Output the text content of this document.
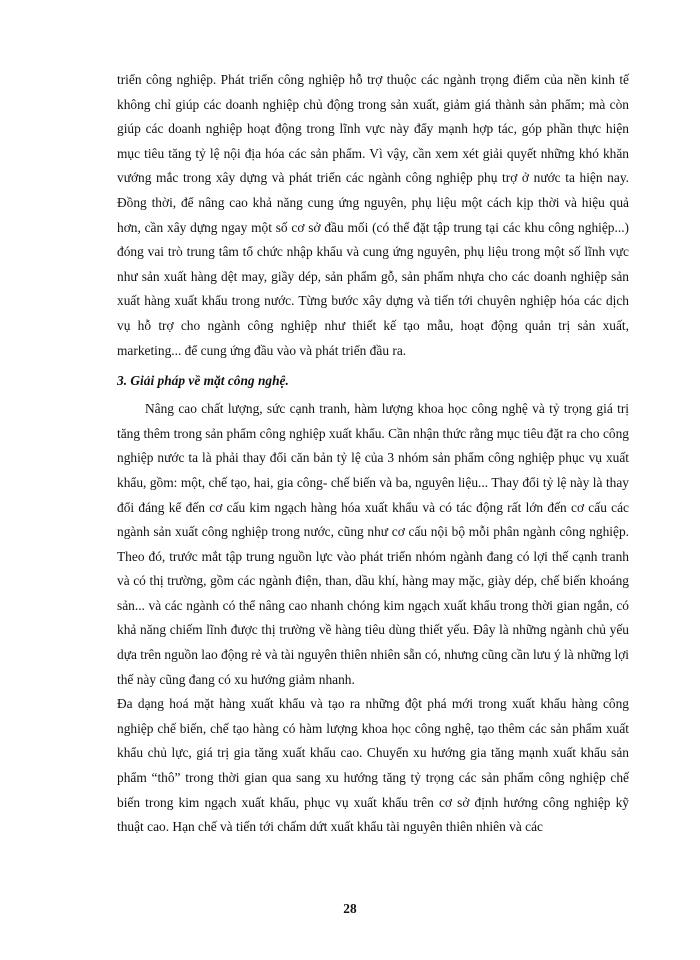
triển công nghiệp. Phát triển công nghiệp hỗ trợ thuộc các ngành trọng điểm của nền kinh tế không chỉ giúp các doanh nghiệp chủ động trong sản xuất, giảm giá thành sản phẩm; mà còn giúp các doanh nghiệp hoạt động trong lĩnh vực này đẩy mạnh hợp tác, góp phần thực hiện mục tiêu tăng tỷ lệ nội địa hóa các sản phẩm. Vì vậy, cần xem xét giải quyết những khó khăn vướng mắc trong xây dựng và phát triển các ngành công nghiệp phụ trợ ở nước ta hiện nay. Đồng thời, để nâng cao khả năng cung ứng nguyên, phụ liệu một cách kịp thời và hiệu quả hơn, cần xây dựng ngay một số cơ sở đầu mối (có thể đặt tập trung tại các khu công nghiệp...) đóng vai trò trung tâm tổ chức nhập khẩu và cung ứng nguyên, phụ liệu trong một số lĩnh vực như sản xuất hàng dệt may, giầy dép, sản phẩm gỗ, sản phẩm nhựa cho các doanh nghiệp sản xuất hàng xuất khẩu trong nước. Từng bước xây dựng và tiến tới chuyên nghiệp hóa các dịch vụ hỗ trợ cho ngành công nghiệp như thiết kế tạo mẫu, hoạt động quản trị sản xuất, marketing... để cung ứng đầu vào và phát triển đầu ra.

3. Giải pháp về mặt công nghệ.

Nâng cao chất lượng, sức cạnh tranh, hàm lượng khoa học công nghệ và tỷ trọng giá trị tăng thêm trong sản phẩm công nghiệp xuất khẩu. Cần nhận thức rằng mục tiêu đặt ra cho công nghiệp nước ta là phải thay đổi căn bản tỷ lệ của 3 nhóm sản phẩm công nghiệp phục vụ xuất khẩu, gồm: một, chế tạo, hai, gia công- chế biến và ba, nguyên liệu... Thay đổi tỷ lệ này là thay đổi đáng kể đến cơ cấu kim ngạch hàng hóa xuất khẩu và có tác động rất lớn đến cơ cấu các ngành sản xuất công nghiệp trong nước, cũng như cơ cấu nội bộ mỗi phân ngành công nghiệp. Theo đó, trước mắt tập trung nguồn lực vào phát triển nhóm ngành đang có lợi thế cạnh tranh và có thị trường, gồm các ngành điện, than, dầu khí, hàng may mặc, giày dép, chế biến khoáng sản... và các ngành có thể nâng cao nhanh chóng kim ngạch xuất khẩu trong thời gian ngắn, có khả năng chiếm lĩnh được thị trường về hàng tiêu dùng thiết yếu. Đây là những ngành chủ yếu dựa trên nguồn lao động rẻ và tài nguyên thiên nhiên sẵn có, nhưng cũng cần lưu ý là những lợi thế này cũng đang có xu hướng giảm nhanh.

Đa dạng hoá mặt hàng xuất khẩu và tạo ra những đột phá mới trong xuất khẩu hàng công nghiệp chế biến, chế tạo hàng có hàm lượng khoa học công nghệ, tạo thêm các sản phẩm xuất khẩu chủ lực, giá trị gia tăng xuất khẩu cao. Chuyển xu hướng gia tăng mạnh xuất khẩu sản phẩm “thô” trong thời gian qua sang xu hướng tăng tỷ trọng các sản phẩm công nghiệp chế biến trong kim ngạch xuất khẩu, phục vụ xuất khẩu trên cơ sở định hướng công nghiệp kỹ thuật cao. Hạn chế và tiến tới chấm dứt xuất khẩu tài nguyên thiên nhiên và các

28
